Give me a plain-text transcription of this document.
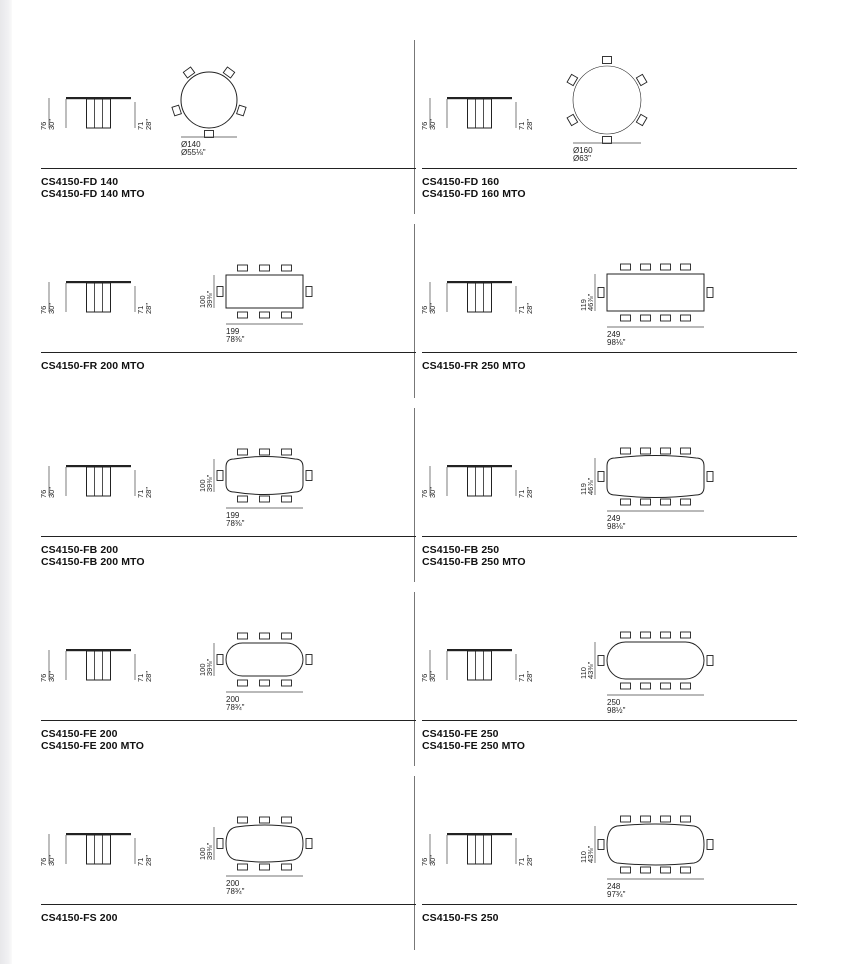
76 30"	71 28"
Ø140
Ø55⅛"
CS4150-FD 140
CS4150-FD 140 MTO
76 30"	71 28"
Ø160
Ø63"
CS4150-FD 160
CS4150-FD 160 MTO
76 30"	71 28"
100
39⅜"
199
78⅜"
CS4150-FR 200 MTO
76 30"	71 28"	119
46⅞"
249
98⅛"
CS4150-FR 250 MTO
76 30"	71 28"
100
39⅜"
199
78⅜"
CS4150-FB 200
CS4150-FB 200 MTO
76 30"	71 28"	119
46⅞"
249
98⅛"
CS4150-FB 250
CS4150-FB 250 MTO
76 30"	71 28"
100
39⅜"
200
78¾"
CS4150-FE 200
CS4150-FE 200 MTO
76 30"	71 28"	110
43⅜"
250
98½"
CS4150-FE 250
CS4150-FE 250 MTO
76 30"	71 28"
100
39⅜"
200
78¾"
CS4150-FS 200
76 30"	71 28"	110
43⅜"
248
97¾"
CS4150-FS 250
